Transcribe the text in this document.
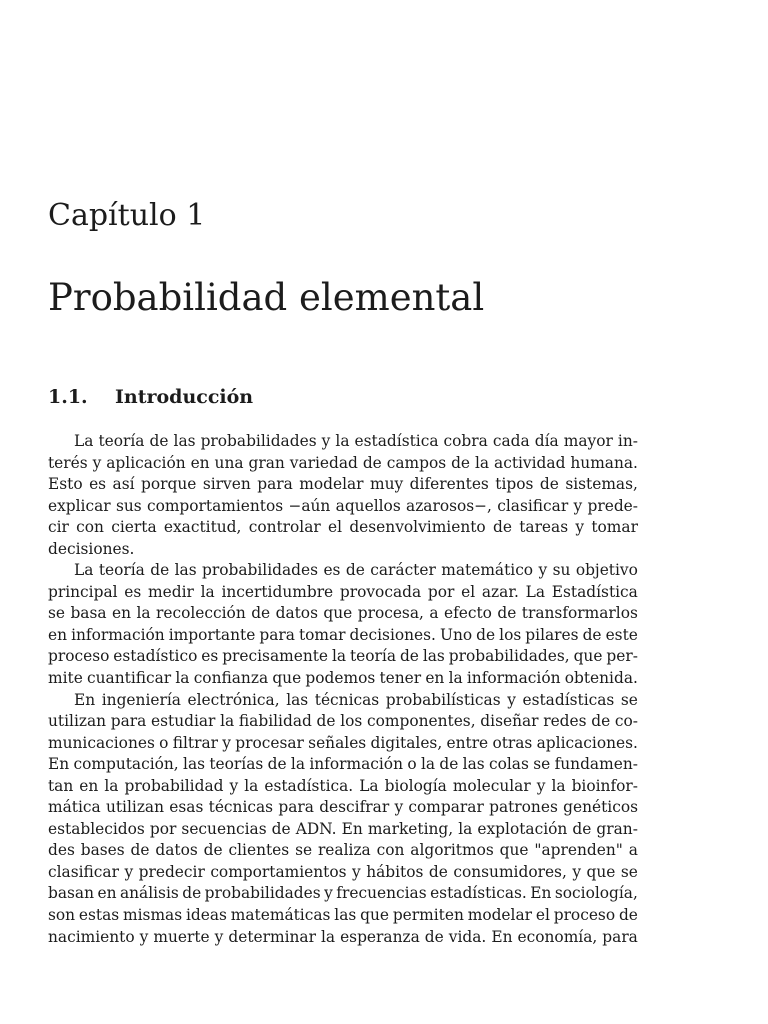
Capítulo 1
Probabilidad elemental
1.1. Introducción
La teoría de las probabilidades y la estadística cobra cada día mayor in-
terés y aplicación en una gran variedad de campos de la actividad humana.
Esto es así porque sirven para modelar muy diferentes tipos de sistemas,
explicar sus comportamientos −aún aquellos azarosos−, clasificar y prede-
cir con cierta exactitud, controlar el desenvolvimiento de tareas y tomar
decisiones.
La teoría de las probabilidades es de carácter matemático y su objetivo
principal es medir la incertidumbre provocada por el azar. La Estadística
se basa en la recolección de datos que procesa, a efecto de transformarlos
en información importante para tomar decisiones. Uno de los pilares de este
proceso estadístico es precisamente la teoría de las probabilidades, que per-
mite cuantificar la confianza que podemos tener en la información obtenida.
En ingeniería electrónica, las técnicas probabilísticas y estadísticas se
utilizan para estudiar la fiabilidad de los componentes, diseñar redes de co-
municaciones o filtrar y procesar señales digitales, entre otras aplicaciones.
En computación, las teorías de la información o la de las colas se fundamen-
tan en la probabilidad y la estadística. La biología molecular y la bioinfor-
mática utilizan esas técnicas para descifrar y comparar patrones genéticos
establecidos por secuencias de ADN. En marketing, la explotación de gran-
des bases de datos de clientes se realiza con algoritmos que "aprenden" a
clasificar y predecir comportamientos y hábitos de consumidores, y que se
basan en análisis de probabilidades y frecuencias estadísticas. En sociología,
son estas mismas ideas matemáticas las que permiten modelar el proceso de
nacimiento y muerte y determinar la esperanza de vida. En economía, para
